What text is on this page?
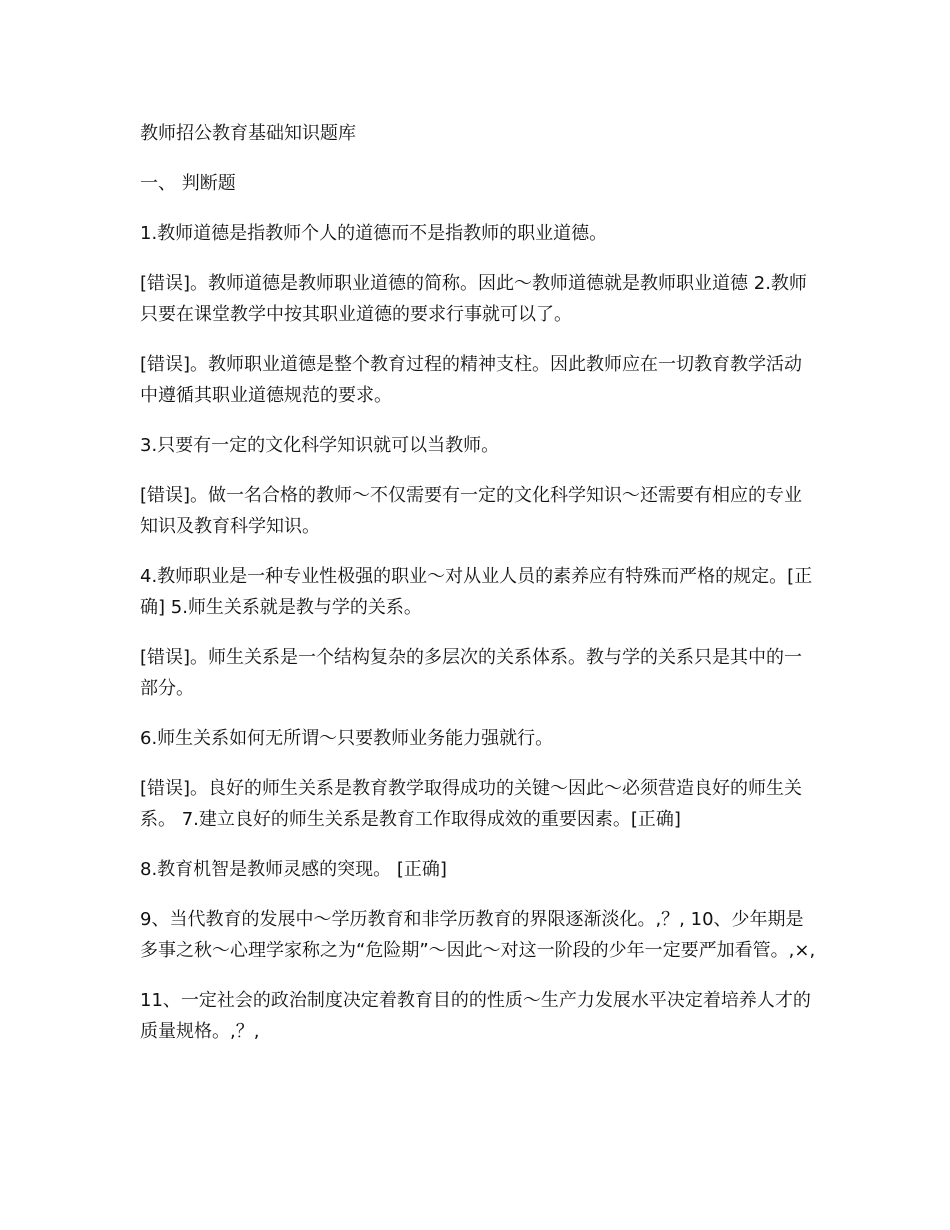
教师招公教育基础知识题库

一、 判断题

1.教师道德是指教师个人的道德而不是指教师的职业道德。

[错误]。教师道德是教师职业道德的简称。因此～教师道德就是教师职业道德 2.教师只要在课堂教学中按其职业道德的要求行事就可以了。

[错误]。教师职业道德是整个教育过程的精神支柱。因此教师应在一切教育教学活动中遵循其职业道德规范的要求。

3.只要有一定的文化科学知识就可以当教师。

[错误]。做一名合格的教师～不仅需要有一定的文化科学知识～还需要有相应的专业知识及教育科学知识。

4.教师职业是一种专业性极强的职业～对从业人员的素养应有特殊而严格的规定。[正确] 5.师生关系就是教与学的关系。

[错误]。师生关系是一个结构复杂的多层次的关系体系。教与学的关系只是其中的一部分。

6.师生关系如何无所谓～只要教师业务能力强就行。

[错误]。良好的师生关系是教育教学取得成功的关键～因此～必须营造良好的师生关系。 7.建立良好的师生关系是教育工作取得成效的重要因素。[正确]

8.教育机智是教师灵感的突现。 [正确]

9、当代教育的发展中～学历教育和非学历教育的界限逐渐淡化。,？, 10、少年期是多事之秋～心理学家称之为“危险期”～因此～对这一阶段的少年一定要严加看管。,×,

11、一定社会的政治制度决定着教育目的的性质～生产力发展水平决定着培养人才的质量规格。,？,
